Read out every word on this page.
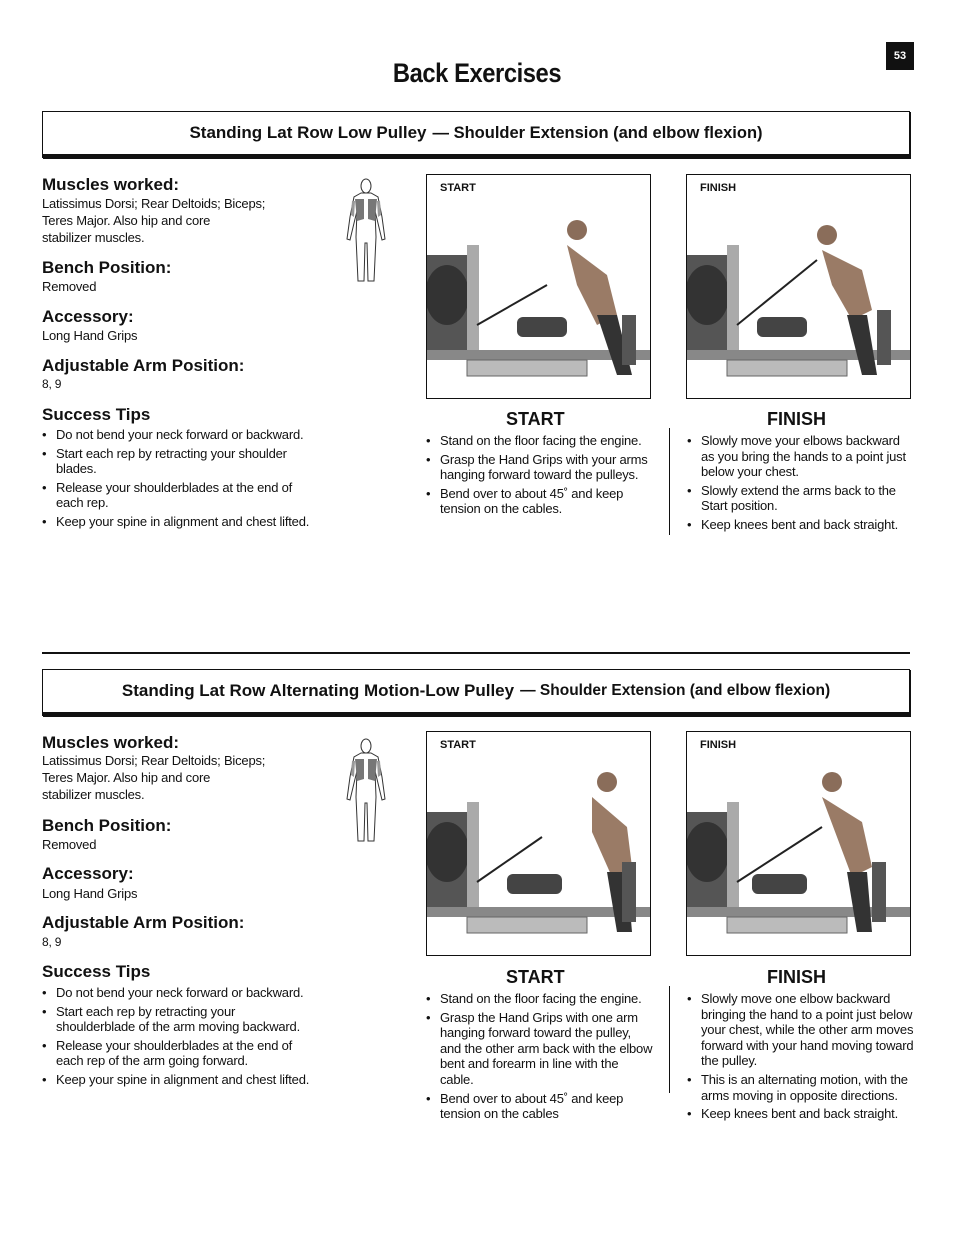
53
Back Exercises
Standing Lat Row Low Pulley — Shoulder Extension (and elbow flexion)
Muscles worked:
Latissimus Dorsi; Rear Deltoids; Biceps;
Teres Major. Also hip and core
stabilizer muscles.
Bench Position:
Removed
Accessory:
Long Hand Grips
Adjustable Arm Position:
8, 9
Success Tips
• Do not bend your neck forward or backward.
• Start each rep by retracting your shoulder blades.
• Release your shoulderblades at the end of each rep.
• Keep your spine in alignment and chest lifted.
START	FINISH
START
• Stand on the floor facing the engine.
• Grasp the Hand Grips with your arms hanging forward toward the pulleys.
• Bend over to about 45˚ and keep tension on the cables.
FINISH
• Slowly move your elbows backward as you bring the hands to a point just below your chest.
• Slowly extend the arms back to the Start position.
• Keep knees bent and back straight.
Standing Lat Row Alternating Motion-Low Pulley — Shoulder Extension (and elbow flexion)
Muscles worked:
Latissimus Dorsi; Rear Deltoids; Biceps;
Teres Major. Also hip and core
stabilizer muscles.
Bench Position:
Removed
Accessory:
Long Hand Grips
Adjustable Arm Position:
8, 9
Success Tips
• Do not bend your neck forward or backward.
• Start each rep by retracting your shoulderblade of the arm moving backward.
• Release your shoulderblades at the end of each rep of the arm going forward.
• Keep your spine in alignment and chest lifted.
START	FINISH
START
• Stand on the floor facing the engine.
• Grasp the Hand Grips with one arm hanging forward toward the pulley, and the other arm back with the elbow bent and forearm in line with the cable.
• Bend over to about 45˚ and keep tension on the cables
FINISH
• Slowly move one elbow backward bringing the hand to a point just below your chest, while the other arm moves forward with your hand moving toward the pulley.
• This is an alternating motion, with the arms moving in opposite directions.
• Keep knees bent and back straight.
